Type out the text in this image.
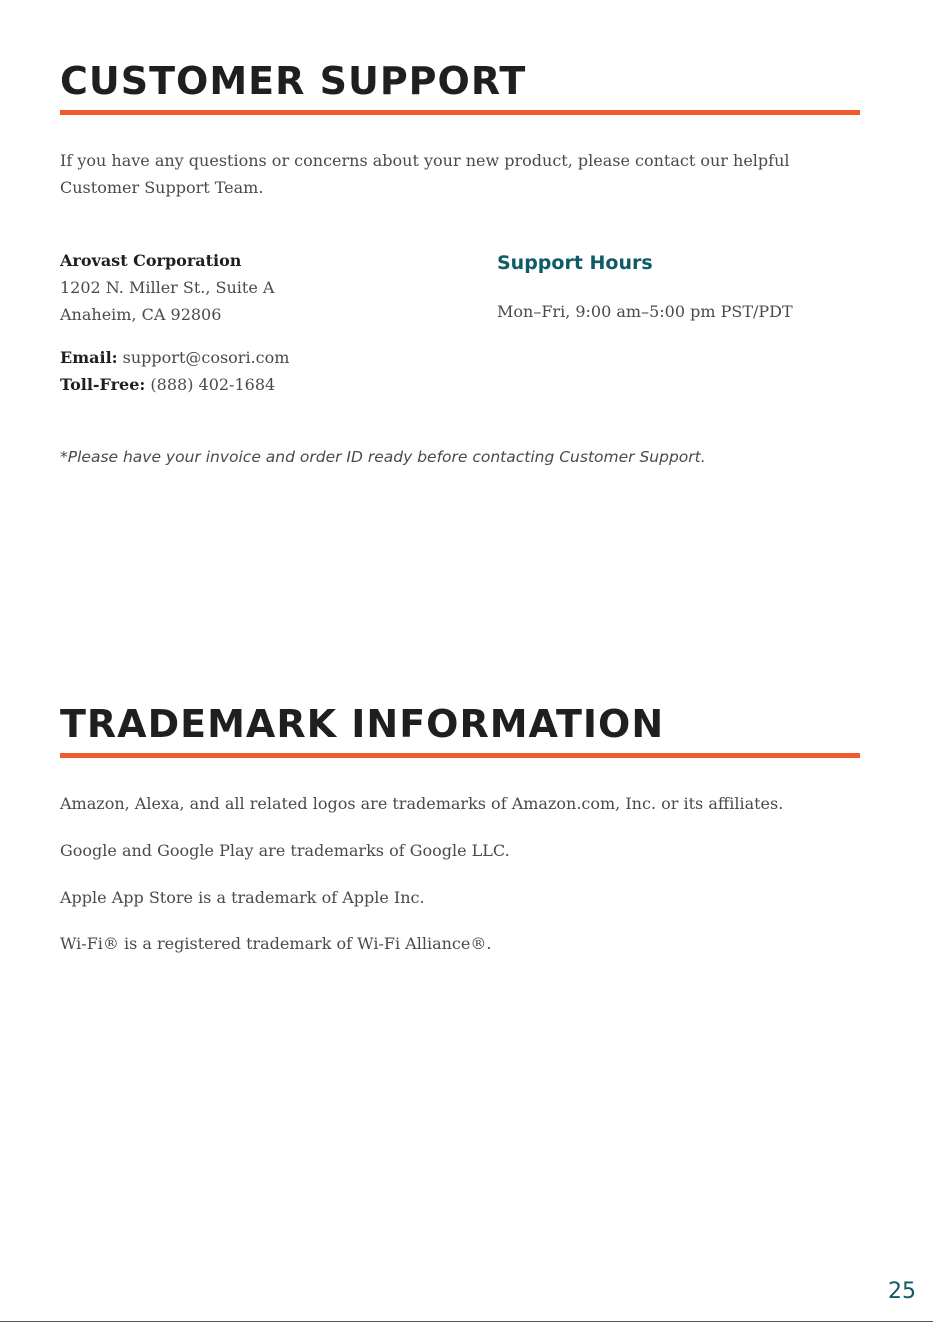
CUSTOMER SUPPORT

If you have any questions or concerns about your new product, please contact our helpful

Customer Support Team.

Arovast Corporation

1202 N. Miller St., Suite A

Anaheim, CA 92806

Email: support@cosori.com

Toll-Free: (888) 402-1684

Support Hours

Mon–Fri, 9:00 am–5:00 pm PST/PDT

*Please have your invoice and order ID ready before contacting Customer Support.

TRADEMARK INFORMATION

Amazon, Alexa, and all related logos are trademarks of Amazon.com, Inc. or its affiliates.

Google and Google Play are trademarks of Google LLC.

Apple App Store is a trademark of Apple Inc.

Wi-Fi® is a registered trademark of Wi-Fi Alliance®.

25
